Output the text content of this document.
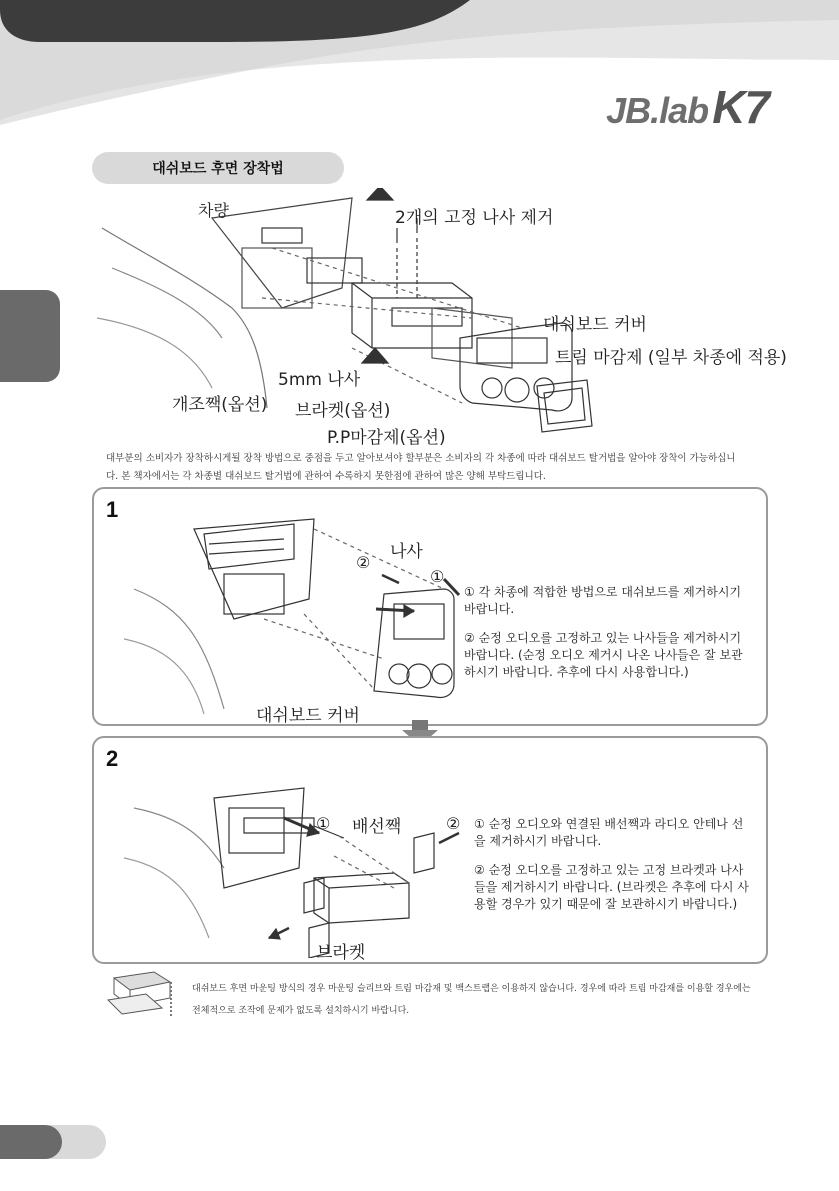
JB.labK7
대쉬보드 후면 장착법
차량	2개의 고정 나사 제거
대쉬보드 커버
트림 마감제 (일부 차종에 적용)
5mm 나사
개조짹(옵션) 브라켓(옵션)
P.P마감제(옵션)
대부분의 소비자가 장착하시게될 장착 방법으로 중점을 두고 알아보셔야 할부분은 소비자의 각 차종에 따라 대쉬보드 탈거법을 알아야 장착이 가능하십니다. 본 책자에서는 각 차종별 대쉬보드 탈거법에 관하여 수록하지 못한점에 관하여 많은 양해 부탁드립니다.
1
나사
②
①
대쉬보드 커버

① 각 차종에 적합한 방법으로 대쉬보드를 제거하시기 바랍니다.

② 순정 오디오를 고정하고 있는 나사들을 제거하시기 바랍니다. (순정 오디오 제거시 나온 나사들은 잘 보관하시기 바랍니다. 추후에 다시 사용합니다.)

2
① 배선짹	②
브라켓

① 순정 오디오와 연결된 배선짹과 라디오 안테나 선을 제거하시기 바랍니다.

② 순정 오디오를 고정하고 있는 고정 브라켓과 나사들을 제거하시기 바랍니다. (브라켓은 추후에 다시 사용할 경우가 있기 때문에 잘 보관하시기 바랍니다.)

대쉬보드 후면 마운팅 방식의 경우 마운팅 슬리브와 트림 마감재 및 백스트랩은 이용하지 않습니다. 경우에 따라 트림 마감재를 이용할 경우에는 전체적으로 조작에 문제가 없도록 설치하시기 바랍니다.
